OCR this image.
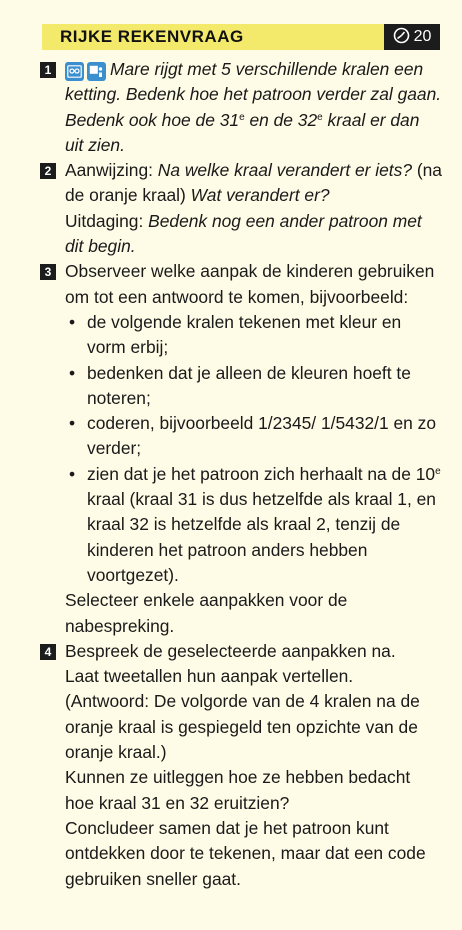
RIJKE REKENVRAAG	20
1	Mare rijgt met 5 verschillende kralen een ketting. Bedenk hoe het patroon verder zal gaan. Bedenk ook hoe de 31e en de 32e kraal er dan uit zien.
2 Aanwijzing: Na welke kraal verandert er iets? (na de oranje kraal) Wat verandert er?
Uitdaging: Bedenk nog een ander patroon met dit begin.
3 Observeer welke aanpak de kinderen gebruiken om tot een antwoord te komen, bijvoorbeeld:
• de volgende kralen tekenen met kleur en vorm erbij;
• bedenken dat je alleen de kleuren hoeft te noteren;
• coderen, bijvoorbeeld 1/2345/ 1/5432/1 en zo verder;
• zien dat je het patroon zich herhaalt na de 10e kraal (kraal 31 is dus hetzelfde als kraal 1, en kraal 32 is hetzelfde als kraal 2, tenzij de kinderen het patroon anders hebben voortgezet).
Selecteer enkele aanpakken voor de nabespreking.
4 Bespreek de geselecteerde aanpakken na.
Laat tweetallen hun aanpak vertellen.
(Antwoord: De volgorde van de 4 kralen na de oranje kraal is gespiegeld ten opzichte van de oranje kraal.)
Kunnen ze uitleggen hoe ze hebben bedacht hoe kraal 31 en 32 eruitzien?
Concludeer samen dat je het patroon kunt ontdekken door te tekenen, maar dat een code gebruiken sneller gaat.
